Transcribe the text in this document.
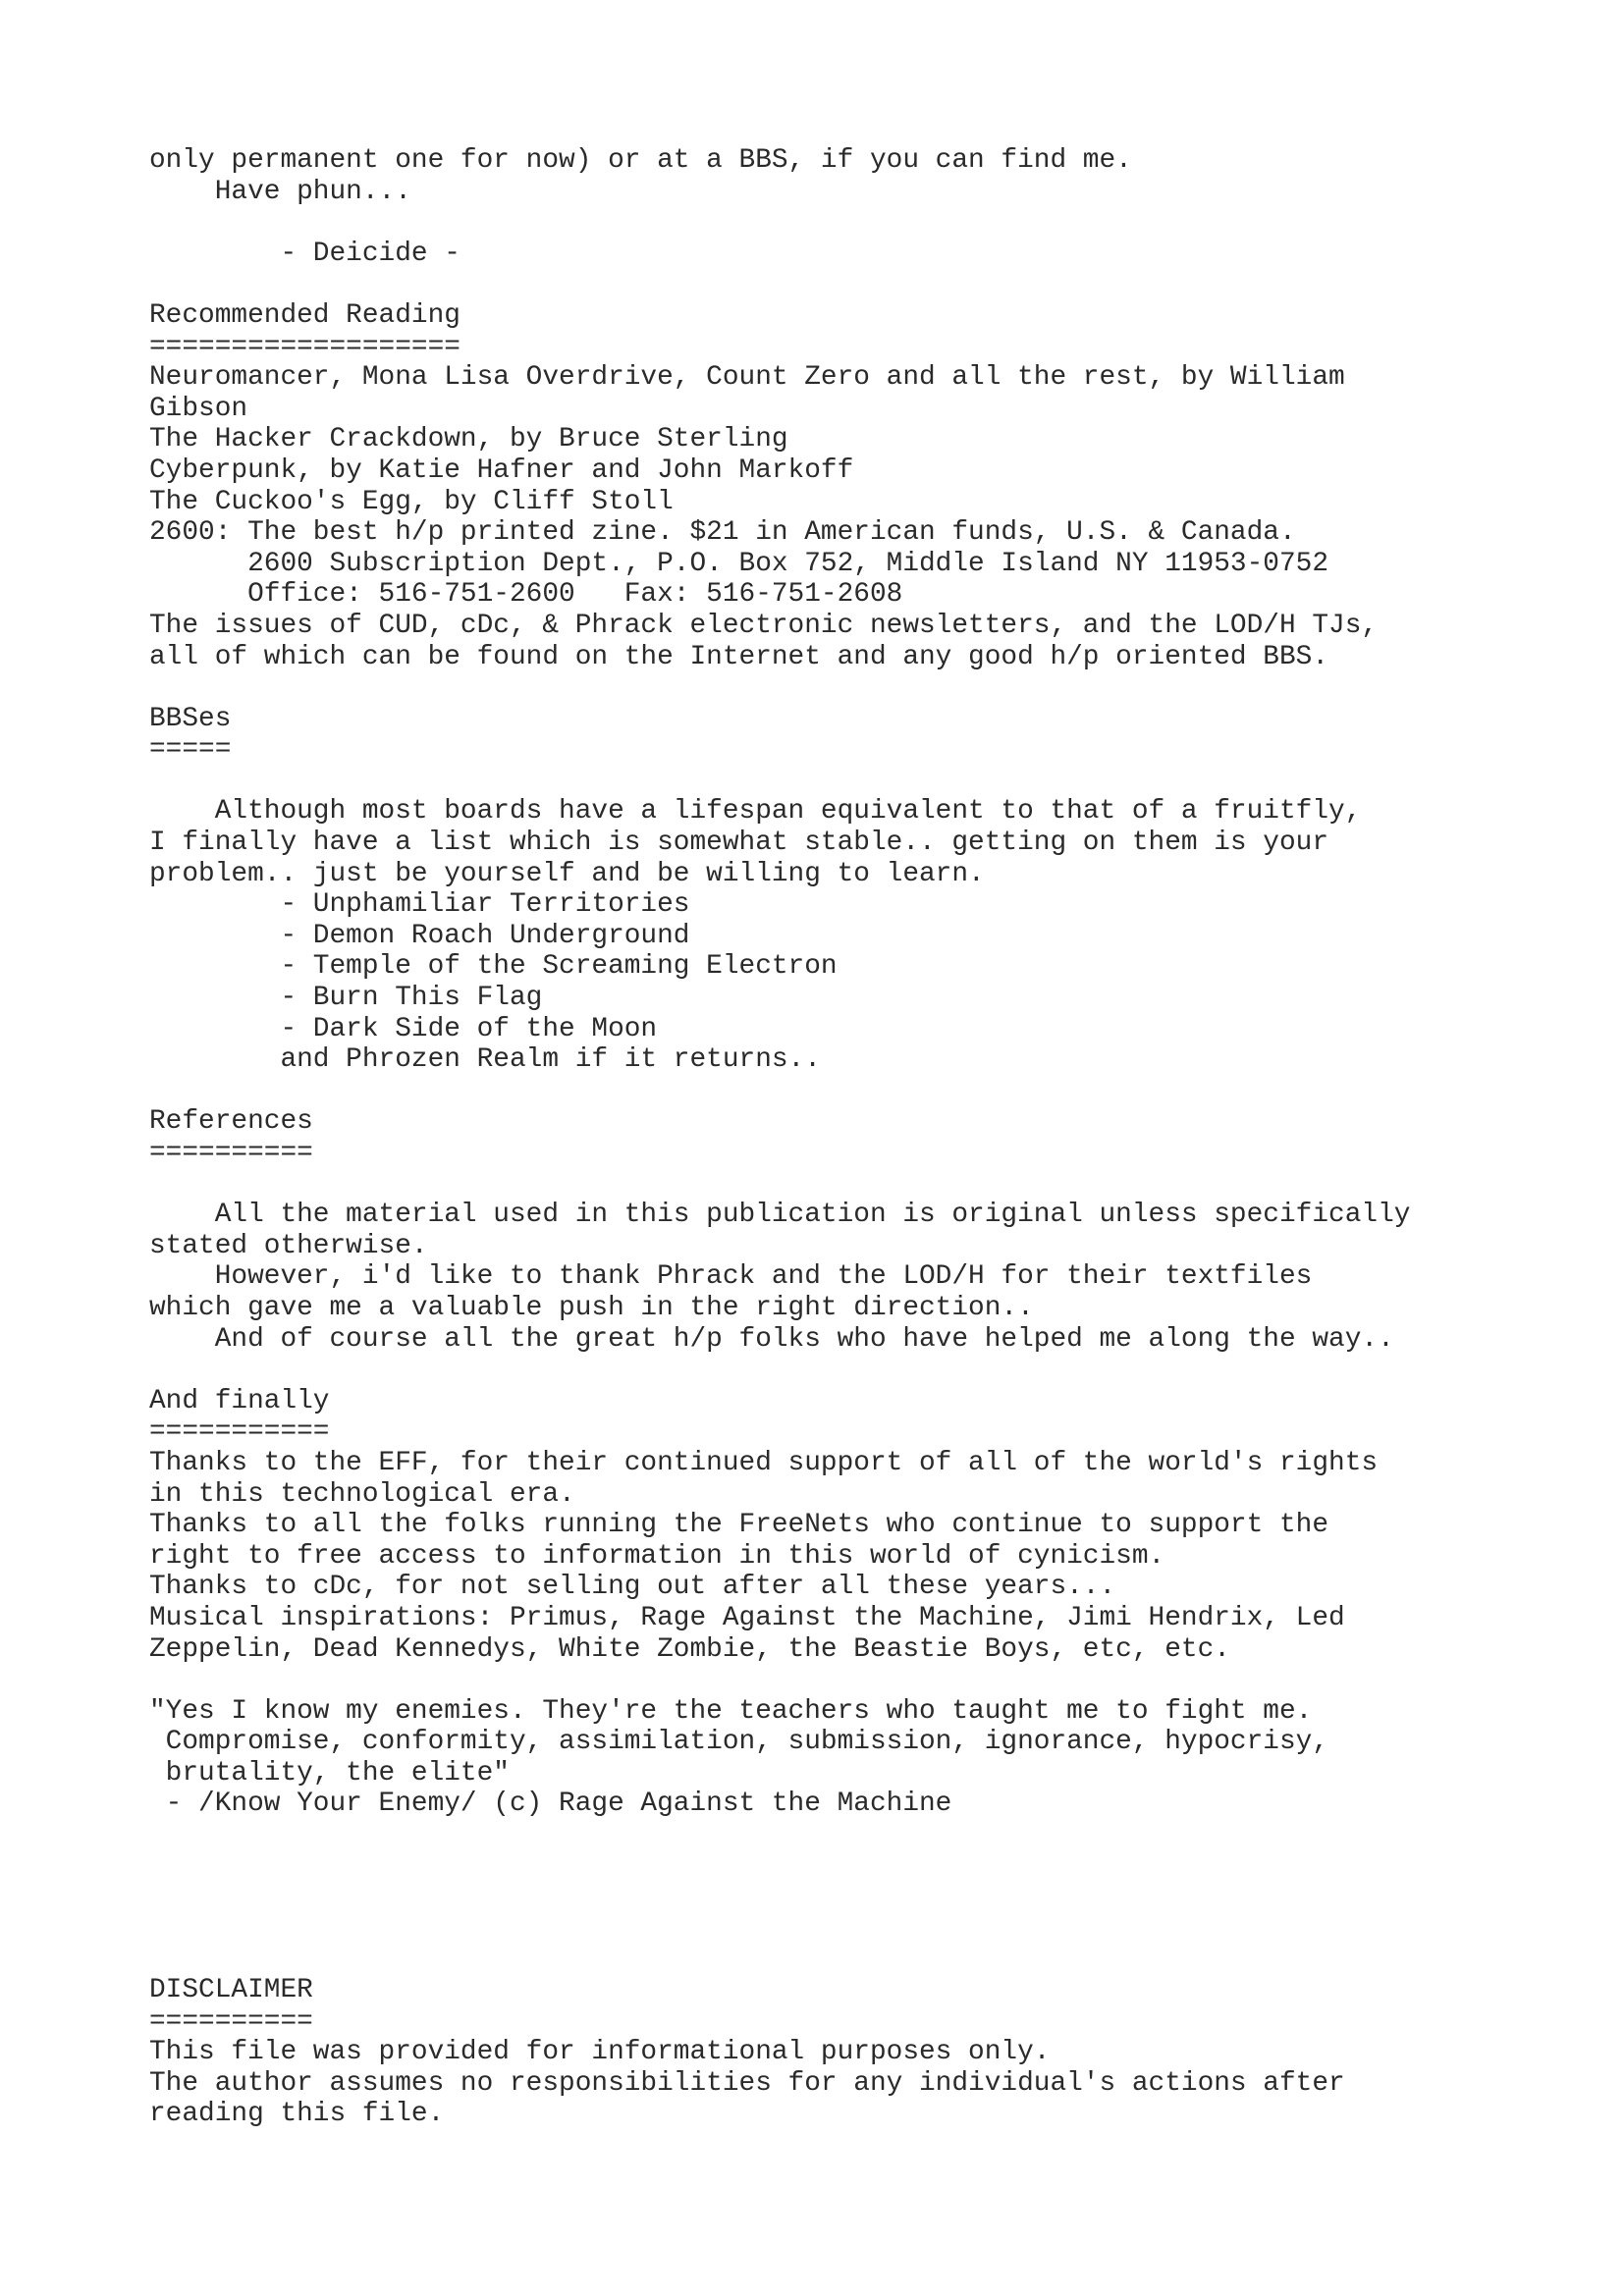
only permanent one for now) or at a BBS, if you can find me.
Have phun...
- Deicide -
Recommended Reading
===================
Neuromancer, Mona Lisa Overdrive, Count Zero and all the rest, by William
Gibson
The Hacker Crackdown, by Bruce Sterling
Cyberpunk, by Katie Hafner and John Markoff
The Cuckoo's Egg, by Cliff Stoll
2600: The best h/p printed zine. $21 in American funds, U.S. & Canada.
2600 Subscription Dept., P.O. Box 752, Middle Island NY 11953-0752
Office: 516-751-2600   Fax: 516-751-2608
The issues of CUD, cDc, & Phrack electronic newsletters, and the LOD/H TJs,
all of which can be found on the Internet and any good h/p oriented BBS.
BBSes
=====
Although most boards have a lifespan equivalent to that of a fruitfly,
I finally have a list which is somewhat stable.. getting on them is your
problem.. just be yourself and be willing to learn.
- Unphamiliar Territories
- Demon Roach Underground
- Temple of the Screaming Electron
- Burn This Flag
- Dark Side of the Moon
and Phrozen Realm if it returns..
References
==========
All the material used in this publication is original unless specifically
stated otherwise.
However, i'd like to thank Phrack and the LOD/H for their textfiles
which gave me a valuable push in the right direction..
And of course all the great h/p folks who have helped me along the way..
And finally
===========
Thanks to the EFF, for their continued support of all of the world's rights
in this technological era.
Thanks to all the folks running the FreeNets who continue to support the
right to free access to information in this world of cynicism.
Thanks to cDc, for not selling out after all these years...
Musical inspirations: Primus, Rage Against the Machine, Jimi Hendrix, Led
Zeppelin, Dead Kennedys, White Zombie, the Beastie Boys, etc, etc.
"Yes I know my enemies. They're the teachers who taught me to fight me.
Compromise, conformity, assimilation, submission, ignorance, hypocrisy,
brutality, the elite"
- /Know Your Enemy/ (c) Rage Against the Machine
DISCLAIMER
==========
This file was provided for informational purposes only.
The author assumes no responsibilities for any individual's actions after
reading this file.
